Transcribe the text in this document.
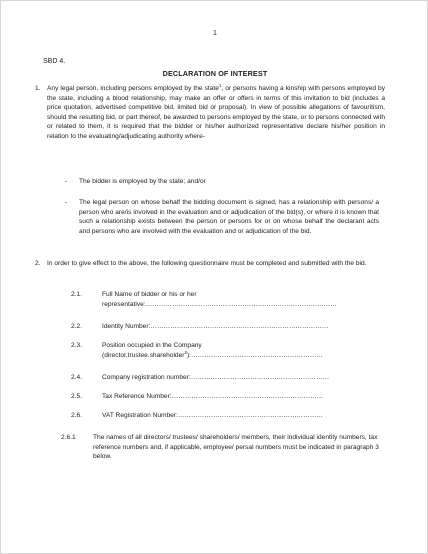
1
SBD 4.
DECLARATION OF INTEREST
1. Any legal person, including persons employed by the state$^1$, or persons having a kinship with persons employed by the state, including a blood relationship, may make an offer or offers in terms of this invitation to bid (includes a price quotation, advertised competitive bid, limited bid or proposal). In view of possible allegations of favouritism, should the resulting bid, or part thereof, be awarded to persons employed by the state, or to persons connected with or related to them, it is required that the bidder or his/her authorized representative declare his/her position in relation to the evaluating/adjudicating authority where-
- The bidder is employed by the state; and/or
- The legal person on whose behalf the bidding document is signed, has a relationship with persons/ a person who are/is involved in the evaluation and or adjudication of the bid(s), or where it is known that such a relationship exists between the person or persons for or on whose behalf the declarant acts and persons who are involved with the evaluation and or adjudication of the bid.
2. In order to give effect to the above, the following questionnaire must be completed and submitted with the bid.
2.1.	Full Name of bidder or his or her
representative:……………………………………………………………………………
2.2.	Identity Number:………………………………………………………………………
2.3.	Position occupied in the Company
(director,trustee.shareholder$^2$):……………………………………………………
2.4.	Company registration number:………………………………………………………
2.5.	Tax Reference Number:……………………………………………………………
2.6.	VAT Registration Number:…………………………………………………………
2.6.1	The names of all directors/ trustees/ shareholders/ members, their individual identity numbers, tax reference numbers and, if applicable, employee/ persal numbers must be indicated in paragraph 3 below.
